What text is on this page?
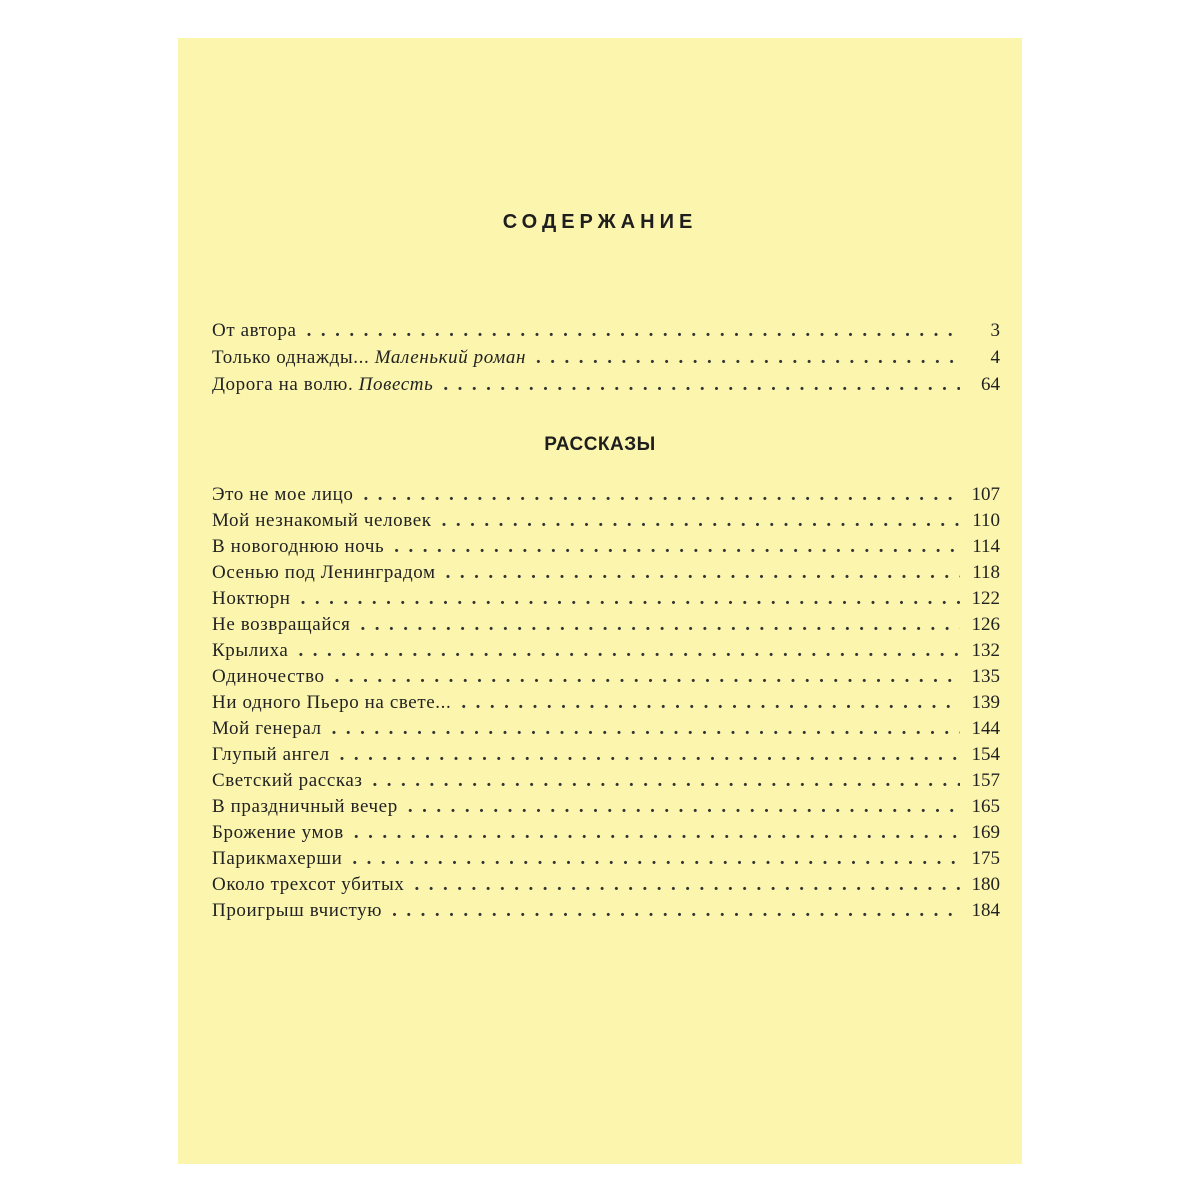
СОДЕРЖАНИЕ
От автора . .	3
Только однажды... Маленький роман . .	4
Дорога на волю. Повесть . .	64
РАССКАЗЫ
Это не мое лицо . .	107
Мой незнакомый человек . .	110
В новогоднюю ночь . .	114
Осенью под Ленинградом . .	118
Ноктюрн . .	122
Не возвращайся . .	126
Крылиха . .	132
Одиночество . .	135
Ни одного Пьеро на свете... . .	139
Мой генерал . .	144
Глупый ангел . .	154
Светский рассказ . .	157
В праздничный вечер . .	165
Брожение умов . .	169
Парикмахерши . .	175
Около трехсот убитых . .	180
Проигрыш вчистую . .	184
